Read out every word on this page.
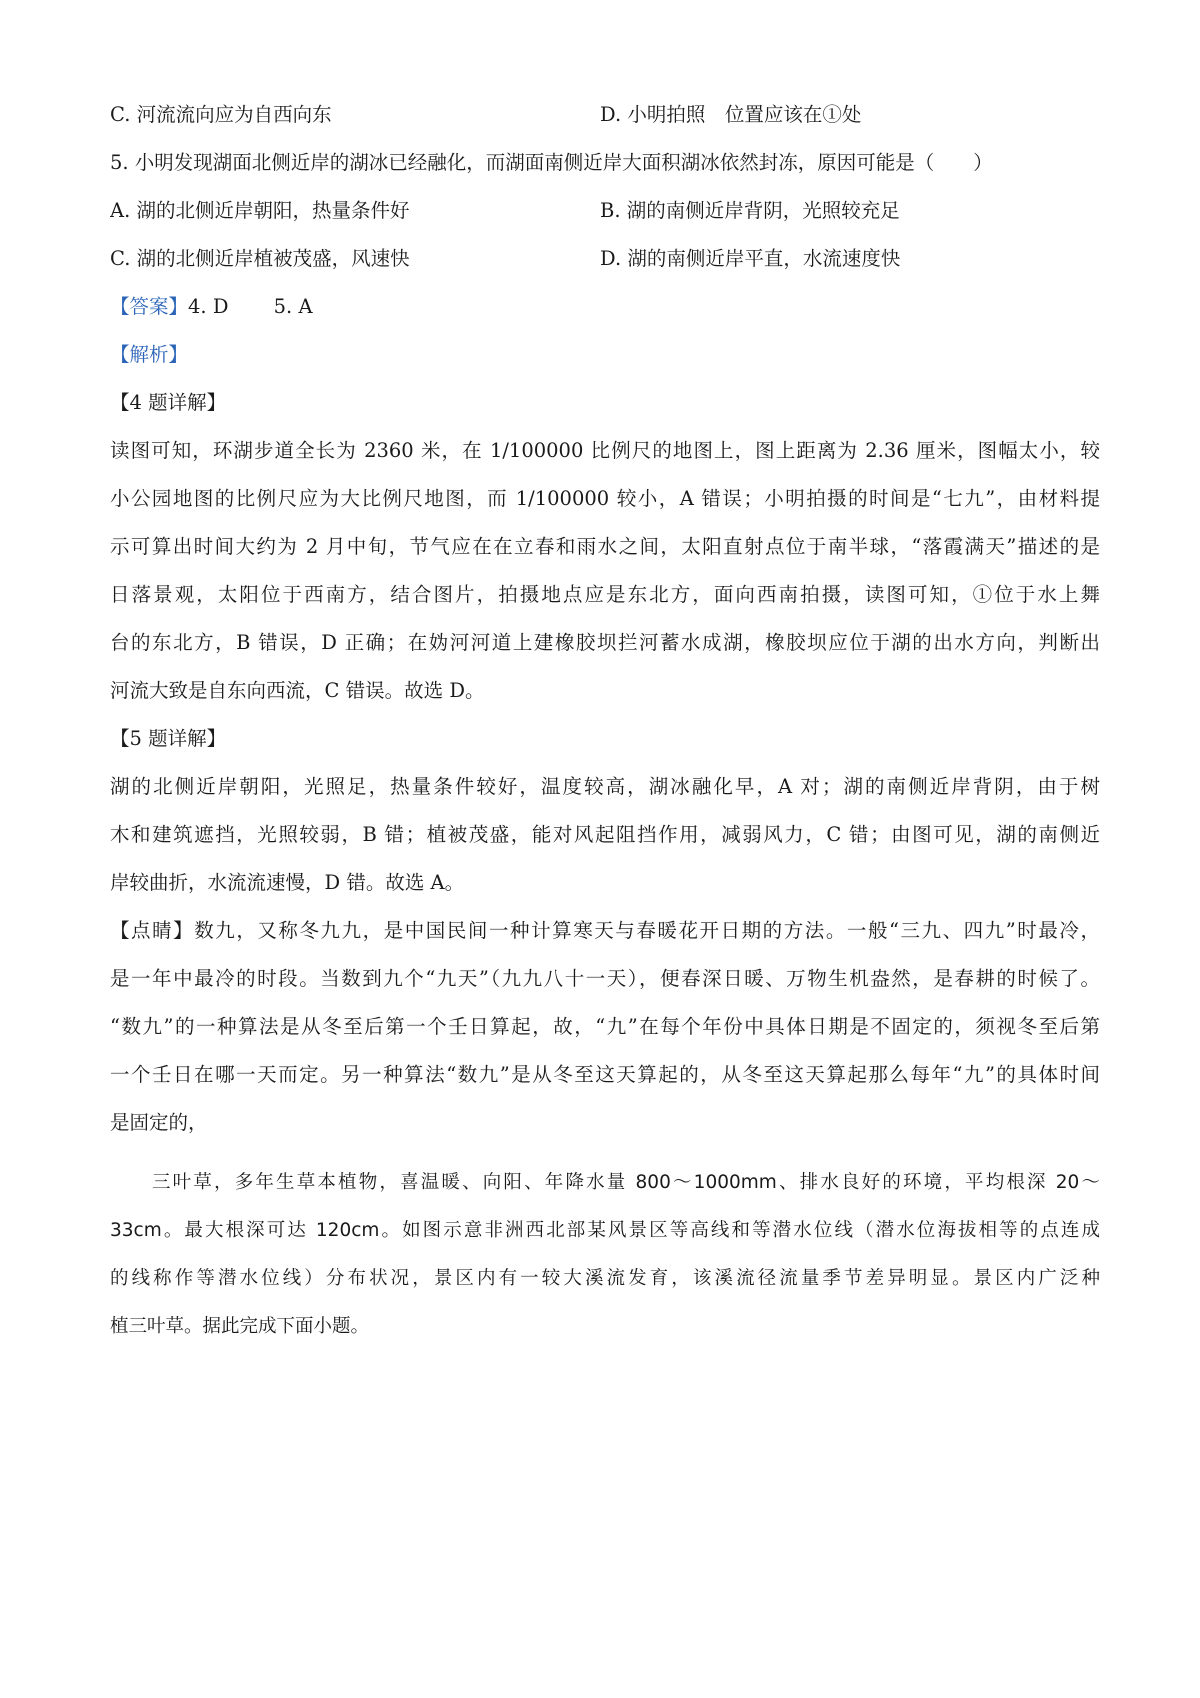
C. 河流流向应为自西向东	D. 小明拍照　位置应该在①处
5. 小明发现湖面北侧近岸的湖冰已经融化，而湖面南侧近岸大面积湖冰依然封冻，原因可能是（　　）
A. 湖的北侧近岸朝阳，热量条件好	B. 湖的南侧近岸背阴，光照较充足
C. 湖的北侧近岸植被茂盛，风速快	D. 湖的南侧近岸平直，水流速度快
【答案】4. D　　 5. A
【解析】
【4 题详解】
读图可知，环湖步道全长为 2360 米，在 1/100000 比例尺的地图上，图上距离为 2.36 厘米，图幅太小，较
小公园地图的比例尺应为大比例尺地图，而 1/100000 较小，A 错误；小明拍摄的时间是“七九”，由材料提
示可算出时间大约为 2 月中旬，节气应在在立春和雨水之间，太阳直射点位于南半球，“落霞满天”描述的是
日落景观，太阳位于西南方，结合图片，拍摄地点应是东北方，面向西南拍摄，读图可知，①位于水上舞
台的东北方，B 错误，D 正确；在妫河河道上建橡胶坝拦河蓄水成湖，橡胶坝应位于湖的出水方向，判断出
河流大致是自东向西流，C 错误。故选 D。
【5 题详解】
湖的北侧近岸朝阳，光照足，热量条件较好，温度较高，湖冰融化早，A 对；湖的南侧近岸背阴，由于树
木和建筑遮挡，光照较弱，B 错；植被茂盛，能对风起阻挡作用，减弱风力，C 错；由图可见，湖的南侧近
岸较曲折，水流流速慢，D 错。故选 A。
【点睛】数九，又称冬九九，是中国民间一种计算寒天与春暖花开日期的方法。一般“三九、四九”时最冷，
是一年中最冷的时段。当数到九个“九天”（九九八十一天），便春深日暖、万物生机盎然，是春耕的时候了。
“数九”的一种算法是从冬至后第一个壬日算起，故，“九”在每个年份中具体日期是不固定的，须视冬至后第
一个壬日在哪一天而定。另一种算法“数九”是从冬至这天算起的，从冬至这天算起那么每年“九”的具体时间
是固定的，
三叶草，多年生草本植物，喜温暖、向阳、年降水量 800～1000mm、排水良好的环境，平均根深 20～
33cm。最大根深可达 120cm。如图示意非洲西北部某风景区等高线和等潜水位线（潜水位海拔相等的点连成
的线称作等潜水位线）分布状况，景区内有一较大溪流发育，该溪流径流量季节差异明显。景区内广泛种
植三叶草。据此完成下面小题。
